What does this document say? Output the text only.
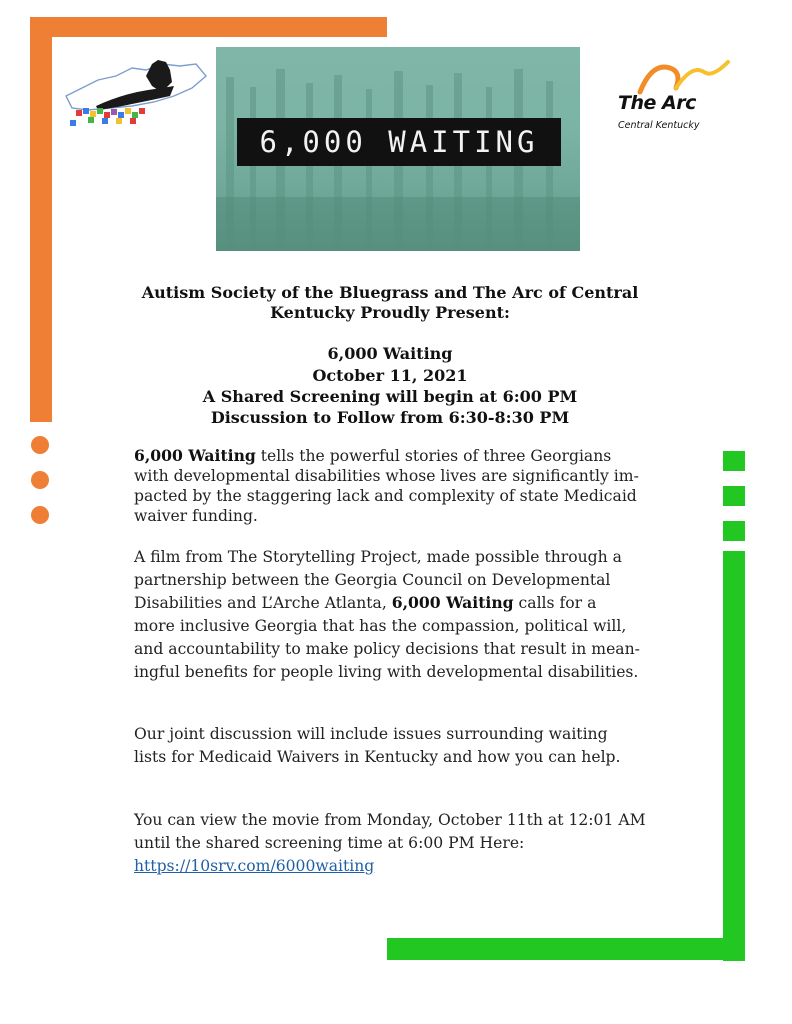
The Arc
Central Kentucky
6,000 WAITING
Autism Society of the Bluegrass and The Arc of Central
Kentucky Proudly Present:
6,000 Waiting
October 11, 2021
A Shared Screening will begin at 6:00 PM
Discussion to Follow from 6:30-8:30 PM
6,000 Waiting tells the powerful stories of three Georgians
with developmental disabilities whose lives are significantly im-
pacted by the staggering lack and complexity of state Medicaid
waiver funding.
A film from The Storytelling Project, made possible through a
partnership between the Georgia Council on Developmental
Disabilities and L’Arche Atlanta, 6,000 Waiting calls for a
more inclusive Georgia that has the compassion, political will,
and accountability to make policy decisions that result in mean-
ingful benefits for people living with developmental disabilities.
Our joint discussion will include issues surrounding waiting
lists for Medicaid Waivers in Kentucky and how you can help.
You can view the movie from Monday, October 11th at 12:01 AM
until the shared screening time at 6:00 PM Here:
https://10srv.com/6000waiting
